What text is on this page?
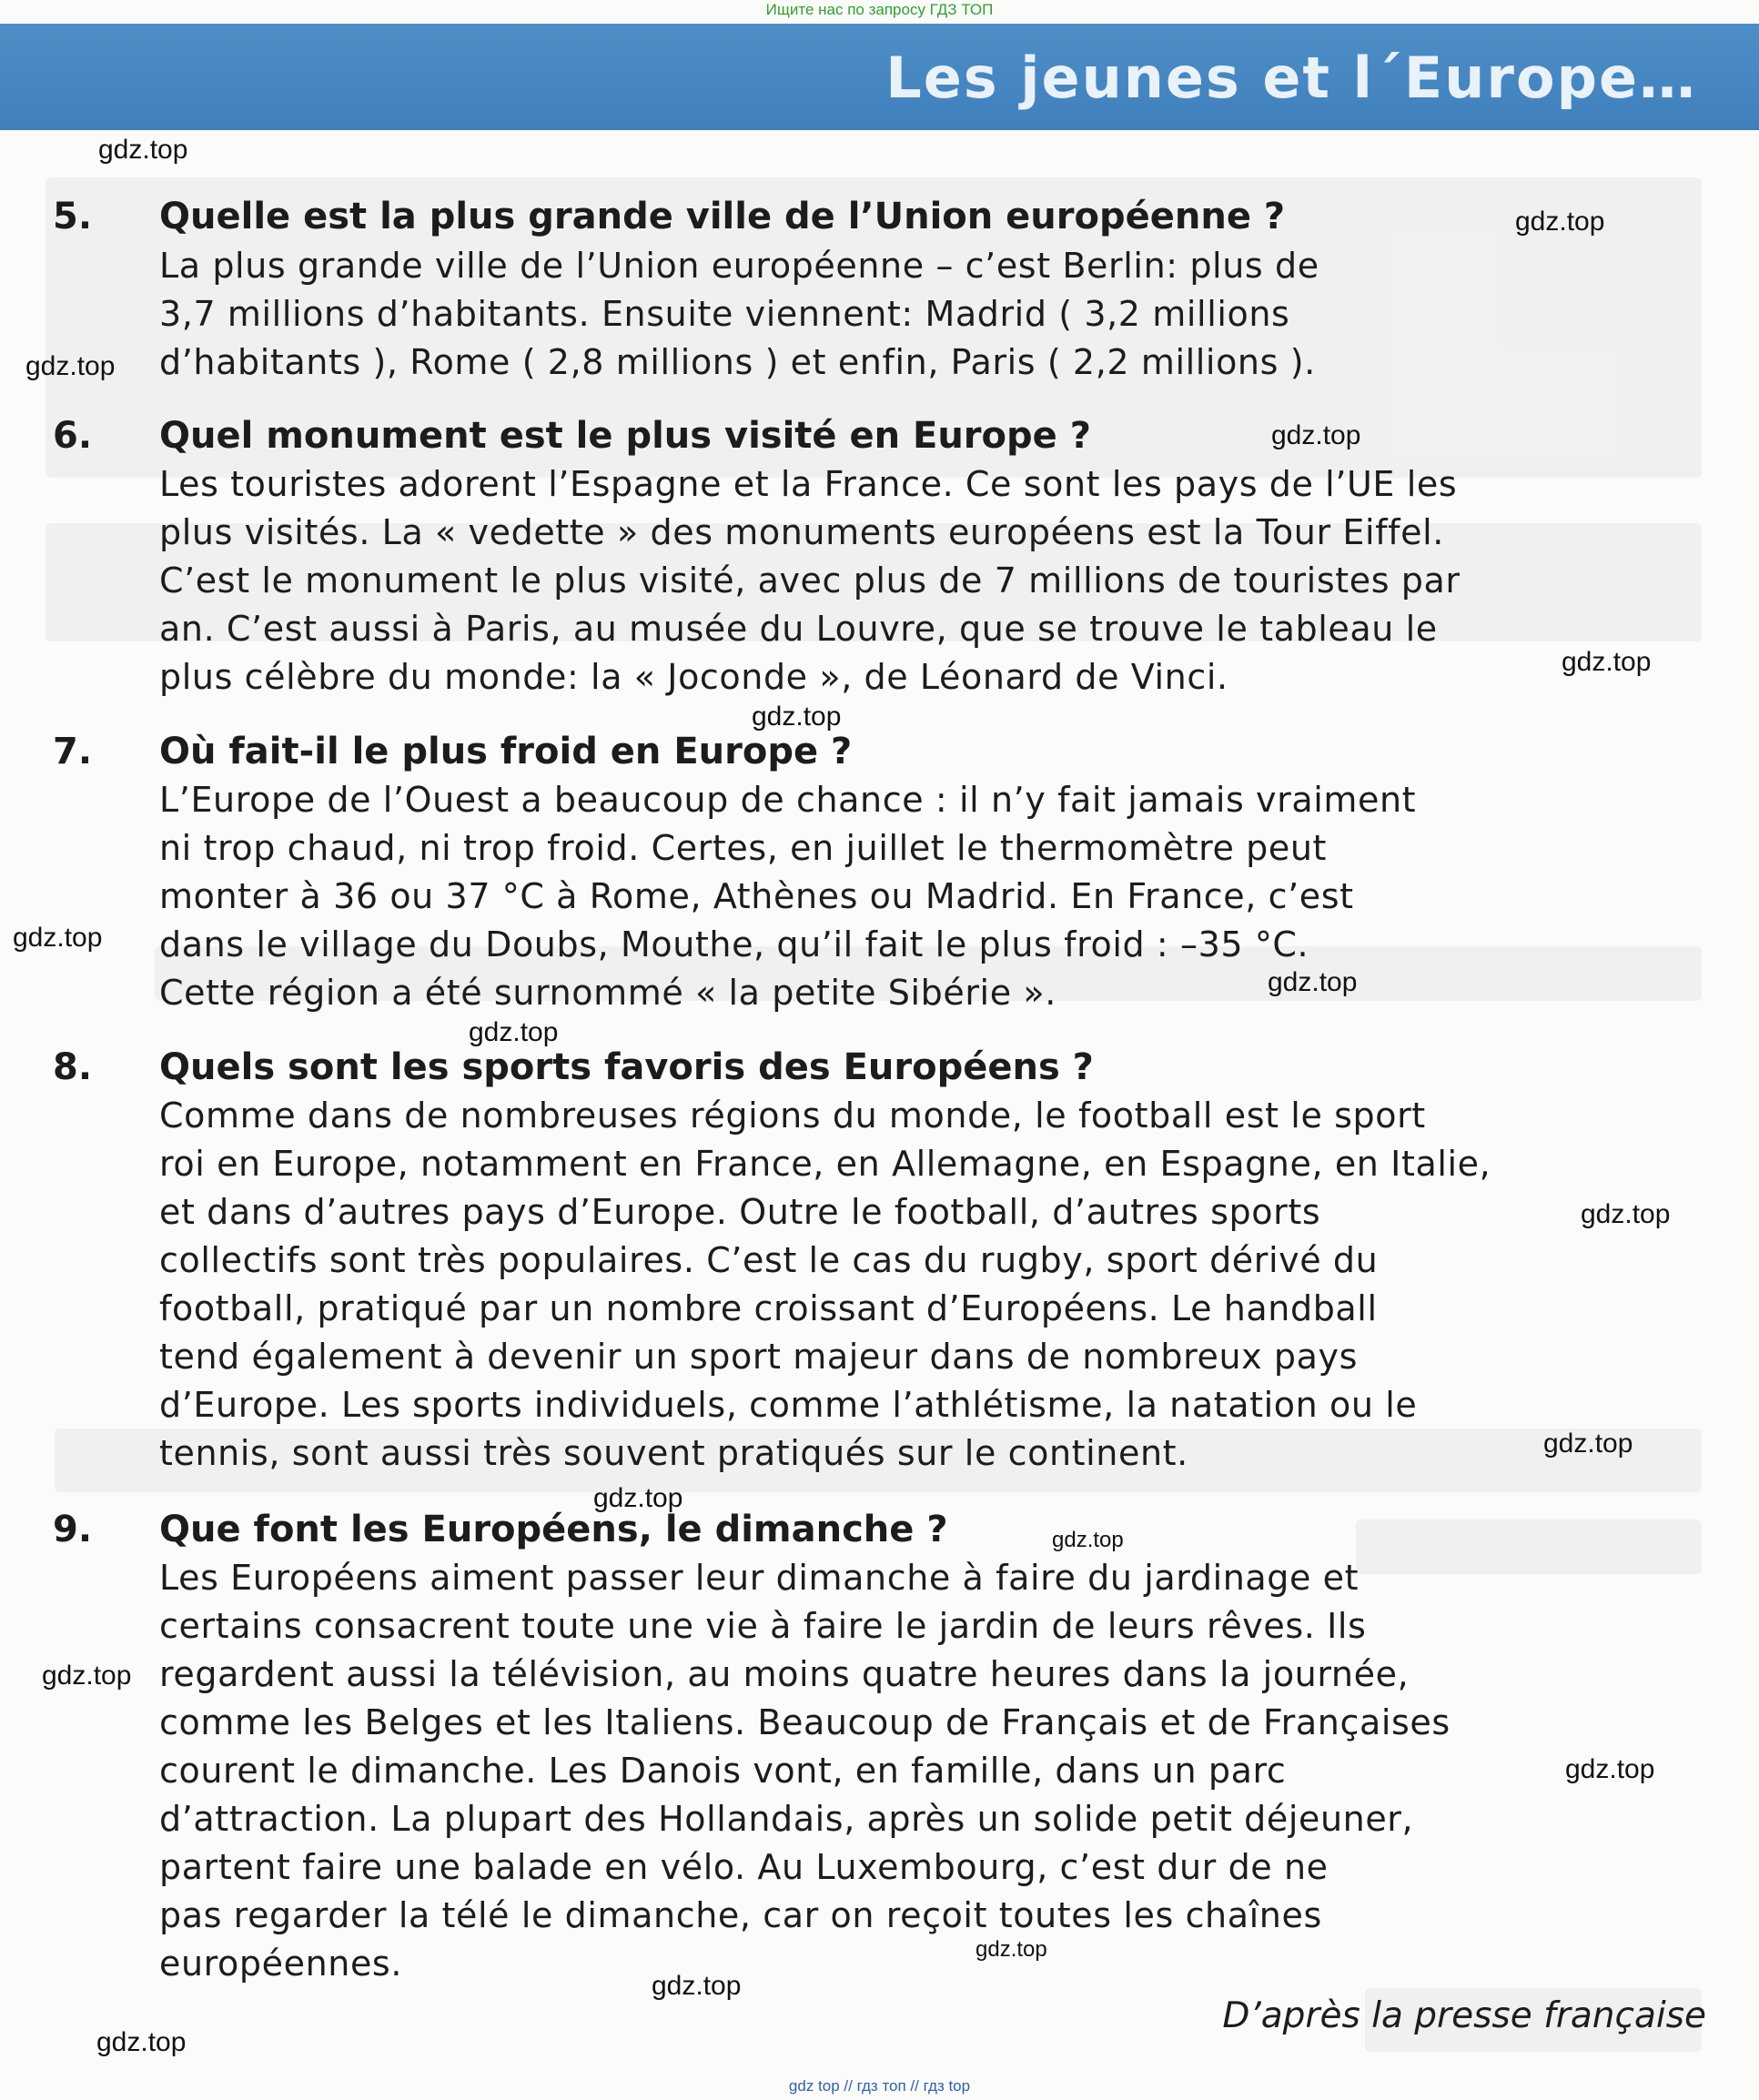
Ищите нас по запросу ГДЗ ТОП
Les jeunes et l´Europe…
5. Quelle est la plus grande ville de l’Union européenne ?
La plus grande ville de l’Union européenne – c’est Berlin: plus de
3,7 millions d’habitants. Ensuite viennent: Madrid ( 3,2 millions
d’habitants ), Rome ( 2,8 millions ) et enfin, Paris ( 2,2 millions ).
6. Quel monument est le plus visité en Europe ?
Les touristes adorent l’Espagne et la France. Ce sont les pays de l’UE les
plus visités. La « vedette » des monuments européens est la Tour Eiffel.
C’est le monument le plus visité, avec plus de 7 millions de touristes par
an. C’est aussi à Paris, au musée du Louvre, que se trouve le tableau le
plus célèbre du monde: la « Joconde », de Léonard de Vinci.
7. Où fait-il le plus froid en Europe ?
L’Europe de l’Ouest a beaucoup de chance : il n’y fait jamais vraiment
ni trop chaud, ni trop froid. Certes, en juillet le thermomètre peut
monter à 36 ou 37 °C à Rome, Athènes ou Madrid. En France, c’est
dans le village du Doubs, Mouthe, qu’il fait le plus froid : –35 °C.
Cette région a été surnommé « la petite Sibérie ».
8. Quels sont les sports favoris des Européens ?
Comme dans de nombreuses régions du monde, le football est le sport
roi en Europe, notamment en France, en Allemagne, en Espagne, en Italie,
et dans d’autres pays d’Europe. Outre le football, d’autres sports
collectifs sont très populaires. C’est le cas du rugby, sport dérivé du
football, pratiqué par un nombre croissant d’Européens. Le handball
tend également à devenir un sport majeur dans de nombreux pays
d’Europe. Les sports individuels, comme l’athlétisme, la natation ou le
tennis, sont aussi très souvent pratiqués sur le continent.
9. Que font les Européens, le dimanche ?
Les Européens aiment passer leur dimanche à faire du jardinage et
certains consacrent toute une vie à faire le jardin de leurs rêves. Ils
regardent aussi la télévision, au moins quatre heures dans la journée,
comme les Belges et les Italiens. Beaucoup de Français et de Françaises
courent le dimanche. Les Danois vont, en famille, dans un parc
d’attraction. La plupart des Hollandais, après un solide petit déjeuner,
partent faire une balade en vélo. Au Luxembourg, c’est dur de ne
pas regarder la télé le dimanche, car on reçoit toutes les chaînes
européennes.
D’après la presse française
gdz.top
gdz.top
gdz.top
gdz.top
gdz.top
gdz.top
gdz.top
gdz.top
gdz.top
gdz.top
gdz.top
gdz.top
gdz.top
gdz.top
gdz.top
gdz.top
gdz.top
gdz.top
gdz top // гдз топ // гдз top
